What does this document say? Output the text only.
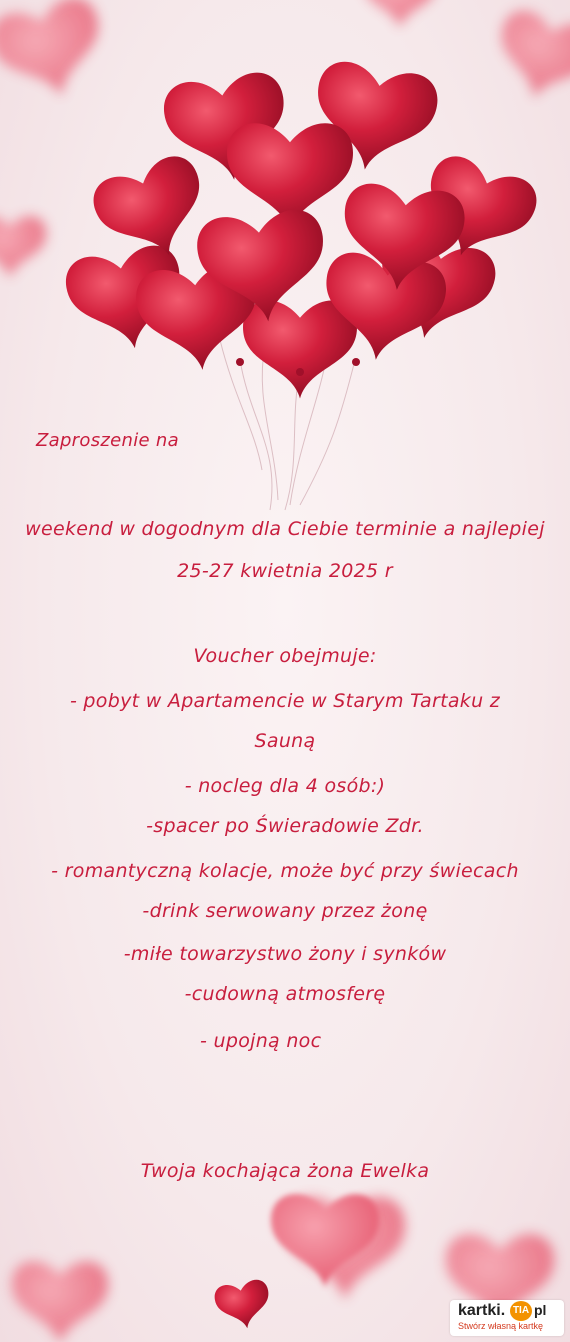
Zaproszenie na
weekend w dogodnym dla Ciebie terminie a najlepiej
25-27 kwietnia 2025 r
Voucher obejmuje:
- pobyt w Apartamencie w Starym Tartaku z
Sauną
- nocleg dla 4 osób:)
-spacer po Świeradowie Zdr.
- romantyczną kolacje, może być przy świecach
-drink serwowany przez żonę
-miłe towarzystwo żony i synków
-cudowną atmosferę
- upojną noc
Twoja kochająca żona Ewelka
kartki. TIA pl
Stwórz własną kartkę
